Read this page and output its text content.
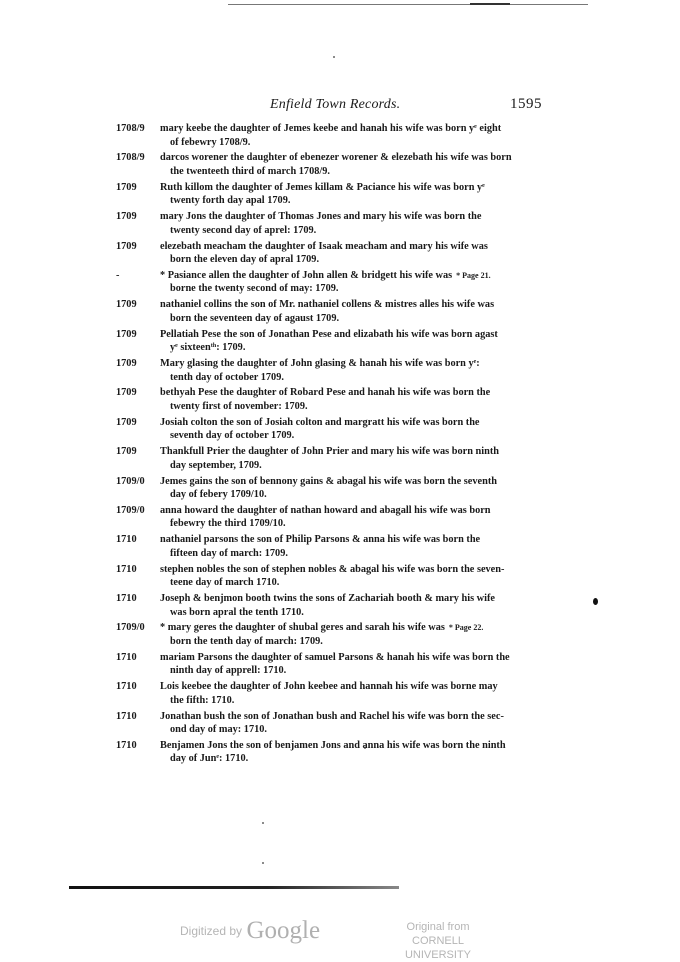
Enfield Town Records.	1595
1708/9	mary keebe the daughter of Jemes keebe and hanah his wife was born yᵉ eight
of febewry 1708/9.
1708/9	darcos worener the daughter of ebenezer worener & elezebath his wife was born
the twenteeth third of march 1708/9.
1709	Ruth killom the daughter of Jemes killam & Paciance his wife was born yᵉ
twenty forth day apal 1709.
1709	mary Jons the daughter of Thomas Jones and mary his wife was born the
twenty second day of aprel: 1709.
1709	elezebath meacham the daughter of Isaak meacham and mary his wife was
born the eleven day of apral 1709.
-	* Pasiance allen the daughter of John allen & bridgett his wife was * Page 21.
borne the twenty second of may: 1709.
1709	nathaniel collins the son of Mr. nathaniel collens & mistres alles his wife was
born the seventeen day of agaust 1709.
1709	Pellatiah Pese the son of Jonathan Pese and elizabath his wife was born agast
yᵉ sixteenᵗʰ: 1709.
1709	Mary glasing the daughter of John glasing & hanah his wife was born yᵉ:
tenth day of october 1709.
1709	bethyah Pese the daughter of Robard Pese and hanah his wife was born the
twenty first of november: 1709.
1709	Josiah colton the son of Josiah colton and margratt his wife was born the
seventh day of october 1709.
1709	Thankfull Prier the daughter of John Prier and mary his wife was born ninth
day september, 1709.
1709/0	Jemes gains the son of bennony gains & abagal his wife was born the seventh
day of febery 1709/10.
1709/0	anna howard the daughter of nathan howard and abagall his wife was born
febewry the third 1709/10.
1710	nathaniel parsons the son of Philip Parsons & anna his wife was born the
fifteen day of march: 1709.
1710	stephen nobles the son of stephen nobles & abagal his wife was born the seven-
teene day of march 1710.
1710	Joseph & benjmon booth twins the sons of Zachariah booth & mary his wife
was born apral the tenth 1710.
1709/0	* mary geres the daughter of shubal geres and sarah his wife was * Page 22.
born the tenth day of march: 1709.
1710	mariam Parsons the daughter of samuel Parsons & hanah his wife was born the
ninth day of apprell: 1710.
1710	Lois keebee the daughter of John keebee and hannah his wife was borne may
the fifth: 1710.
1710	Jonathan bush the son of Jonathan bush and Rachel his wife was born the sec-
ond day of may: 1710.
1710	Benjamen Jons the son of benjamen Jons and anna his wife was born the ninth
day of Junᵉ: 1710.
Digitized by Google	Original from
CORNELL UNIVERSITY
